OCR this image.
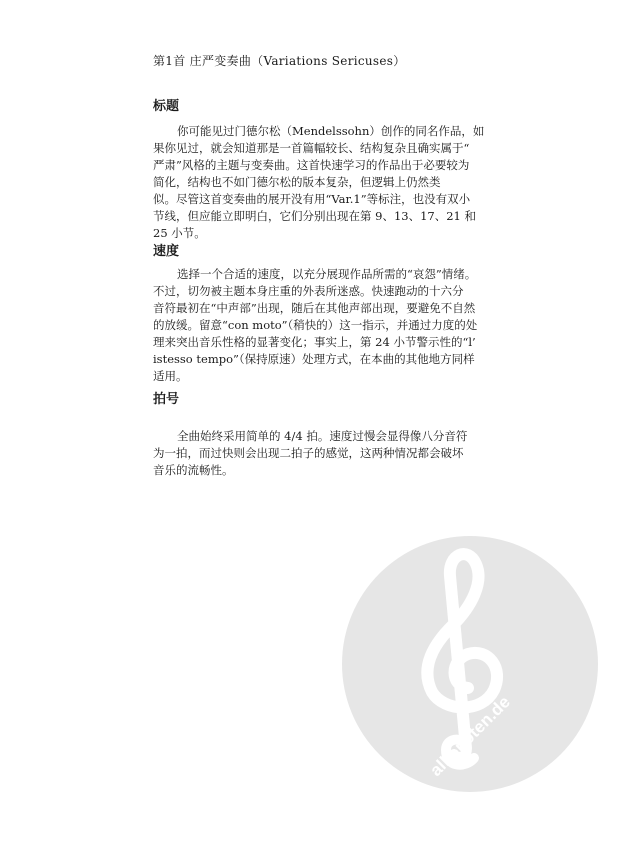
第1首 庄严变奏曲（Variations Sericuses）
标题
你可能见过门德尔松（Mendelssohn）创作的同名作品，如
果你见过，就会知道那是一首篇幅较长、结构复杂且确实属于“
严肃”风格的主题与变奏曲。这首快速学习的作品出于必要较为
简化，结构也不如门德尔松的版本复杂，但逻辑上仍然类
似。尽管这首变奏曲的展开没有用“Var.1”等标注，也没有双小
节线，但应能立即明白，它们分别出现在第 9、13、17、21 和
25 小节。
速度
选择一个合适的速度，以充分展现作品所需的“哀怨”情绪。
不过，切勿被主题本身庄重的外表所迷惑。快速跑动的十六分
音符最初在“中声部”出现，随后在其他声部出现，要避免不自然
的放缓。留意“con moto”（稍快的）这一指示，并通过力度的处
理来突出音乐性格的显著变化；事实上，第 24 小节警示性的“l’
istesso tempo”（保持原速）处理方式，在本曲的其他地方同样
适用。
拍号
全曲始终采用简单的 4/4 拍。速度过慢会显得像八分音符
为一拍，而过快则会出现二拍子的感觉，这两种情况都会破坏
音乐的流畅性。
alle-noten.de
